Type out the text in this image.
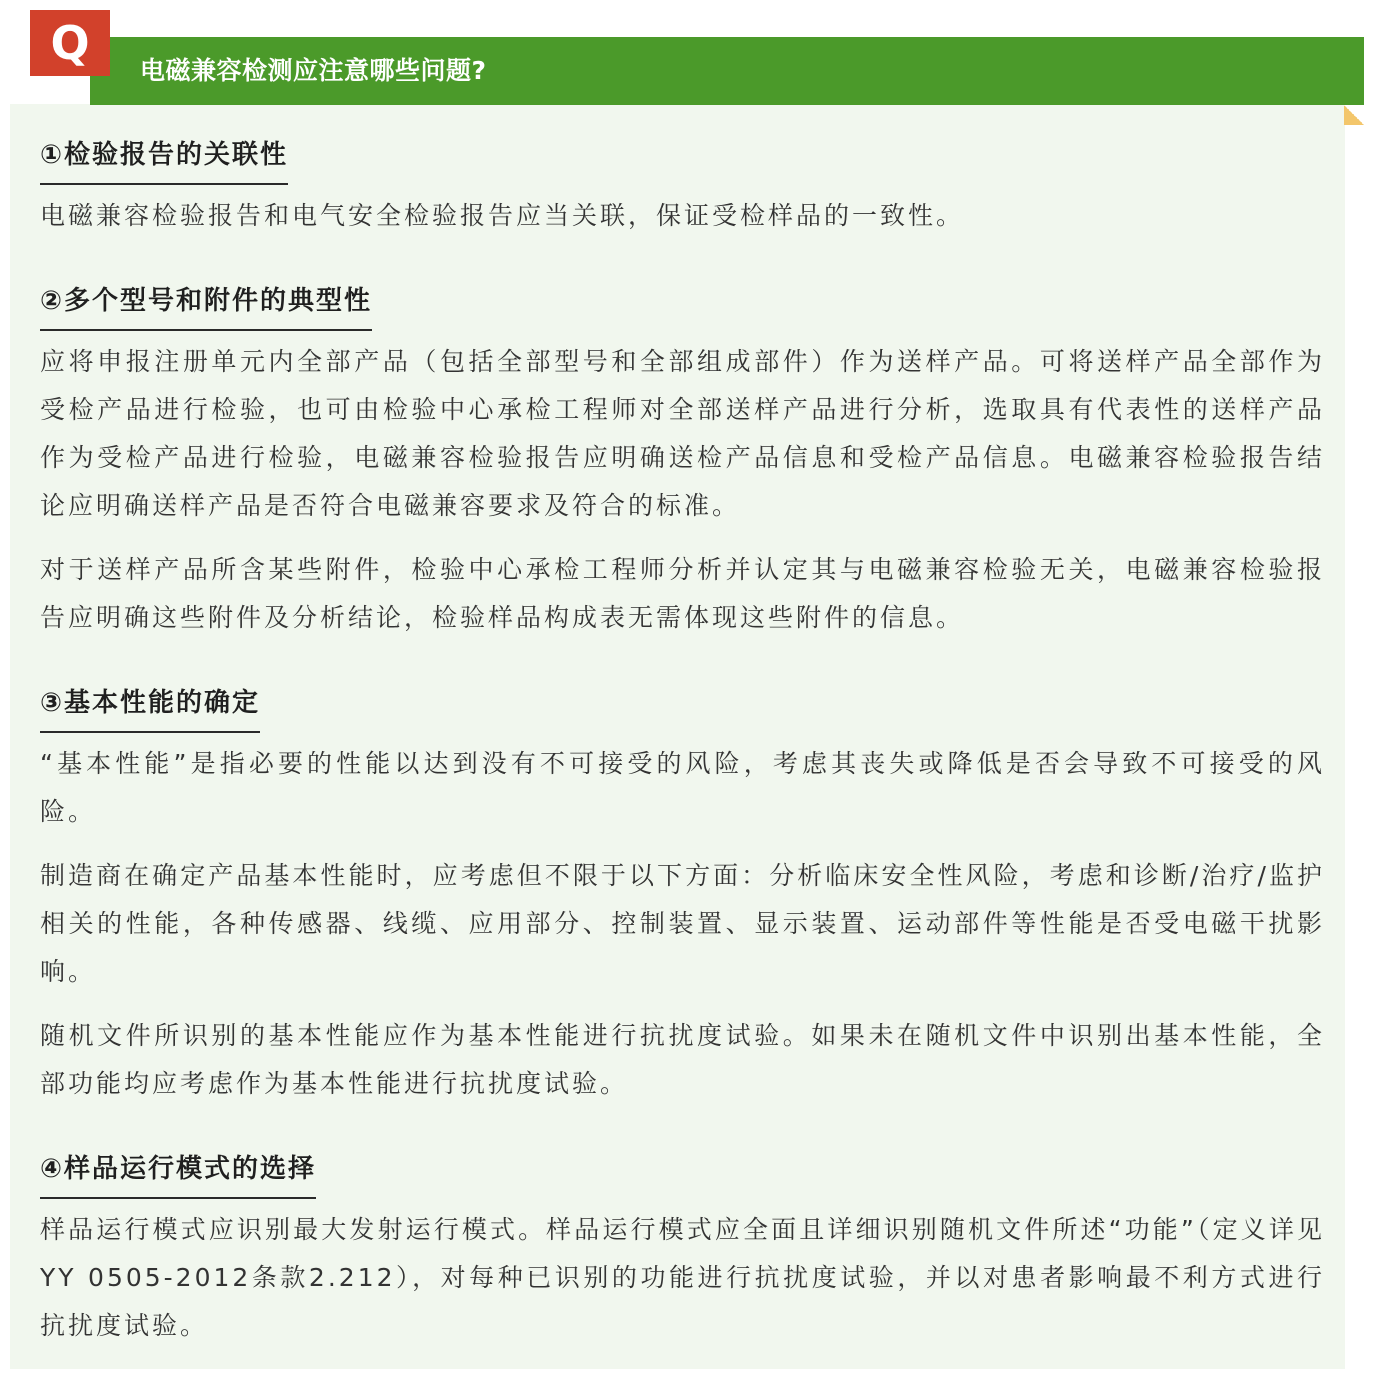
电磁兼容检测应注意哪些问题?
Q
①检验报告的关联性
电磁兼容检验报告和电气安全检验报告应当关联，保证受检样品的一致性。
②多个型号和附件的典型性
应将申报注册单元内全部产品（包括全部型号和全部组成部件）作为送样产品。可将送样产品全部作为受检产品进行检验，也可由检验中心承检工程师对全部送样产品进行分析，选取具有代表性的送样产品作为受检产品进行检验，电磁兼容检验报告应明确送检产品信息和受检产品信息。电磁兼容检验报告结论应明确送样产品是否符合电磁兼容要求及符合的标准。
对于送样产品所含某些附件，检验中心承检工程师分析并认定其与电磁兼容检验无关，电磁兼容检验报告应明确这些附件及分析结论，检验样品构成表无需体现这些附件的信息。
③基本性能的确定
“基本性能”是指必要的性能以达到没有不可接受的风险，考虑其丧失或降低是否会导致不可接受的风险。
制造商在确定产品基本性能时，应考虑但不限于以下方面：分析临床安全性风险，考虑和诊断/治疗/监护相关的性能，各种传感器、线缆、应用部分、控制装置、显示装置、运动部件等性能是否受电磁干扰影响。
随机文件所识别的基本性能应作为基本性能进行抗扰度试验。如果未在随机文件中识别出基本性能，全部功能均应考虑作为基本性能进行抗扰度试验。
④样品运行模式的选择
样品运行模式应识别最大发射运行模式。样品运行模式应全面且详细识别随机文件所述“功能”（定义详见YY 0505-2012条款2.212），对每种已识别的功能进行抗扰度试验，并以对患者影响最不利方式进行抗扰度试验。
